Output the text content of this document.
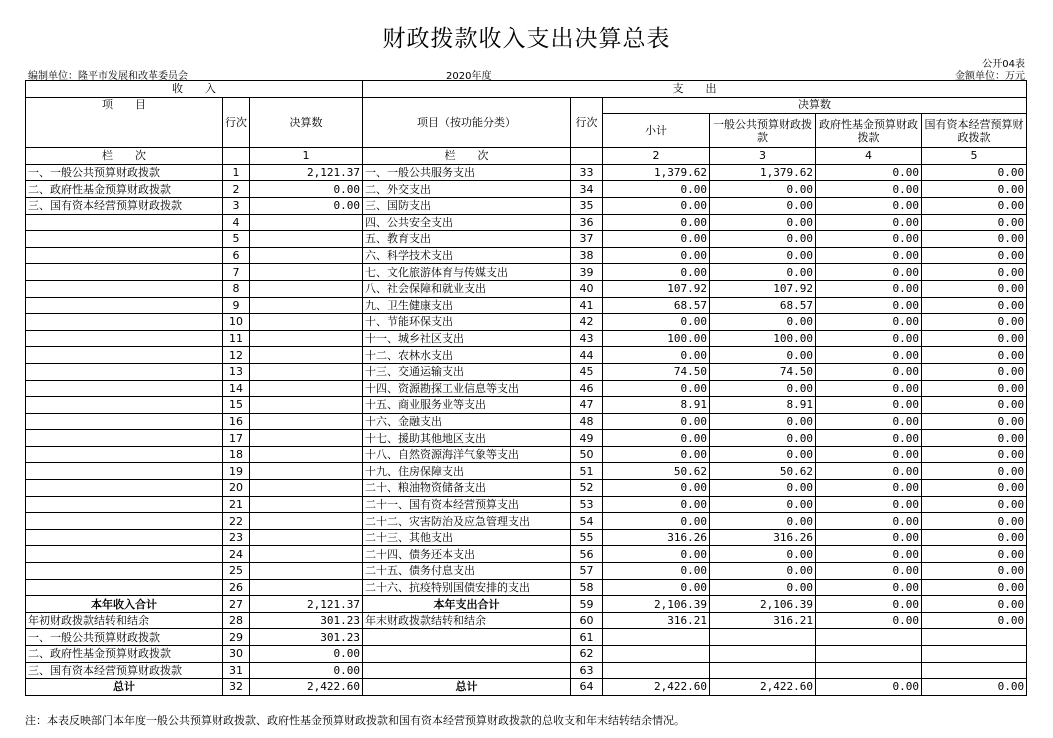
财政拨款收入支出决算总表
公开04表
编制单位：隆平市发展和改革委员会	2020年度	金额单位：万元
收　　入			支　　出					
项　　目	行次	决算数	项目（按功能分类）	行次	决算数			
					小计	一般公共预算财政拨款	政府性基金预算财政拨款	国有资本经营预算财政拨款

栏　　次		1	栏　　次		2	3	4	5
一、一般公共预算财政拨款	1	2,121.37	一、一般公共服务支出	33	1,379.62	1,379.62	0.00	0.00
二、政府性基金预算财政拨款	2	0.00	二、外交支出	34	0.00	0.00	0.00	0.00
三、国有资本经营预算财政拨款	3	0.00	三、国防支出	35	0.00	0.00	0.00	0.00
	4		四、公共安全支出	36	0.00	0.00	0.00	0.00
	5		五、教育支出	37	0.00	0.00	0.00	0.00
	6		六、科学技术支出	38	0.00	0.00	0.00	0.00
	7		七、文化旅游体育与传媒支出	39	0.00	0.00	0.00	0.00
	8		八、社会保障和就业支出	40	107.92	107.92	0.00	0.00
	9		九、卫生健康支出	41	68.57	68.57	0.00	0.00
	10		十、节能环保支出	42	0.00	0.00	0.00	0.00
	11		十一、城乡社区支出	43	100.00	100.00	0.00	0.00
	12		十二、农林水支出	44	0.00	0.00	0.00	0.00
	13		十三、交通运输支出	45	74.50	74.50	0.00	0.00
	14		十四、资源勘探工业信息等支出	46	0.00	0.00	0.00	0.00
	15		十五、商业服务业等支出	47	8.91	8.91	0.00	0.00
	16		十六、金融支出	48	0.00	0.00	0.00	0.00
	17		十七、援助其他地区支出	49	0.00	0.00	0.00	0.00
	18		十八、自然资源海洋气象等支出	50	0.00	0.00	0.00	0.00
	19		十九、住房保障支出	51	50.62	50.62	0.00	0.00
	20		二十、粮油物资储备支出	52	0.00	0.00	0.00	0.00
	21		二十一、国有资本经营预算支出	53	0.00	0.00	0.00	0.00
	22		二十二、灾害防治及应急管理支出	54	0.00	0.00	0.00	0.00
	23		二十三、其他支出	55	316.26	316.26	0.00	0.00
	24		二十四、债务还本支出	56	0.00	0.00	0.00	0.00
	25		二十五、债务付息支出	57	0.00	0.00	0.00	0.00
	26		二十六、抗疫特别国债安排的支出	58	0.00	0.00	0.00	0.00
本年收入合计	27	2,121.37	本年支出合计	59	2,106.39	2,106.39	0.00	0.00
年初财政拨款结转和结余	28	301.23	年末财政拨款结转和结余	60	316.21	316.21	0.00	0.00
一、一般公共预算财政拨款	29	301.23		61				
二、政府性基金预算财政拨款	30	0.00		62				
三、国有资本经营预算财政拨款	31	0.00		63				
总计	32	2,422.60	总计	64	2,422.60	2,422.60	0.00	0.00
注：本表反映部门本年度一般公共预算财政拨款、政府性基金预算财政拨款和国有资本经营预算财政拨款的总收支和年末结转结余情况。
